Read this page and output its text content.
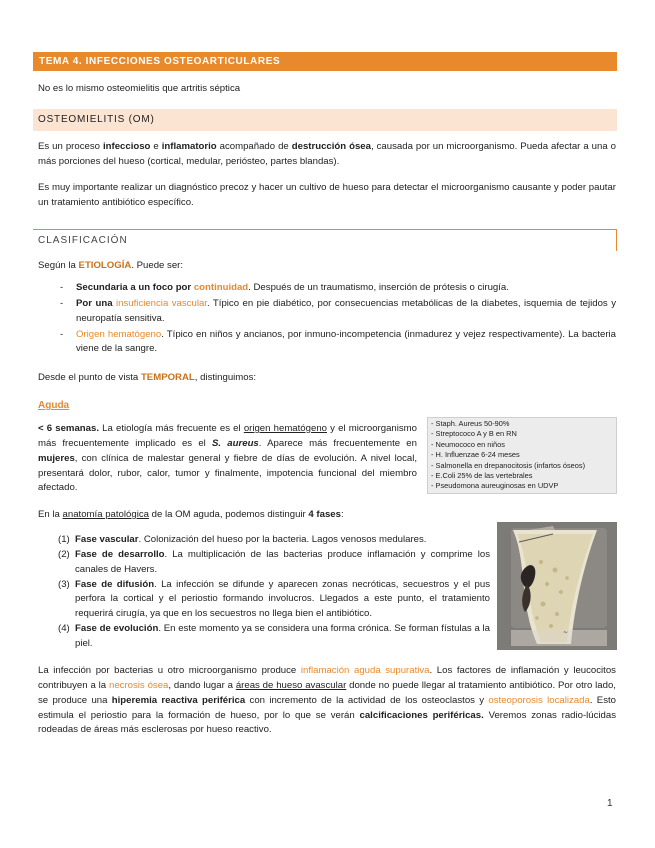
TEMA 4. INFECCIONES OSTEOARTICULARES
No es lo mismo osteomielitis que artritis séptica
OSTEOMIELITIS (OM)
Es un proceso infeccioso e inflamatorio acompañado de destrucción ósea, causada por un microorganismo. Pueda afectar a una o más porciones del hueso (cortical, medular, periósteo, partes blandas).
Es muy importante realizar un diagnóstico precoz y hacer un cultivo de hueso para detectar el microorganismo causante y poder pautar un tratamiento antibiótico específico.
CLASIFICACIÓN
Según la ETIOLOGÍA. Puede ser:
- Secundaria a un foco por continuidad. Después de un traumatismo, inserción de prótesis o cirugía.
- Por una insuficiencia vascular. Típico en pie diabético, por consecuencias metabólicas de la diabetes, isquemia de tejidos y neuropatía sensitiva.
- Origen hematógeno. Típico en niños y ancianos, por inmuno-incompetencia (inmadurez y vejez respectivamente). La bacteria viene de la sangre.
Desde el punto de vista TEMPORAL, distinguimos:
Aguda
< 6 semanas. La etiología más frecuente es el origen hematógeno y el microorganismo más frecuentemente implicado es el S. aureus. Aparece más frecuentemente en mujeres, con clínica de malestar general y fiebre de días de evolución. A nivel local, presentará dolor, rubor, calor, tumor y finalmente, impotencia funcional del miembro afectado.
- Staph. Aureus 50-90%
- Streptococo A y B en RN
- Neumococo en niños
- H. Influenzae 6-24 meses
- Salmonella en drepanocitosis (infartos óseos)
- E.Coli 25% de las vertebrales
- Pseudomona aureuginosas en UDVP
En la anatomía patológica de la OM aguda, podemos distinguir 4 fases:
(1) Fase vascular. Colonización del hueso por la bacteria. Lagos venosos medulares.
(2) Fase de desarrollo. La multiplicación de las bacterias produce inflamación y comprime los canales de Havers.
(3) Fase de difusión. La infección se difunde y aparecen zonas necróticas, secuestros y el pus perfora la cortical y el periostio formando involucros. Llegados a este punto, el tratamiento requerirá cirugía, ya que en los secuestros no llega bien el antibiótico.
(4) Fase de evolución. En este momento ya se considera una forma crónica. Se forman fístulas a la piel.
~
La infección por bacterias u otro microorganismo produce inflamación aguda supurativa. Los factores de inflamación y leucocitos contribuyen a la necrosis ósea, dando lugar a áreas de hueso avascular donde no puede llegar al tratamiento antibiótico. Por otro lado, se produce una hiperemia reactiva periférica con incremento de la actividad de los osteoclastos y osteoporosis localizada. Esto estimula el periostio para la formación de hueso, por lo que se verán calcificaciones periféricas. Veremos zonas radio-lúcidas rodeadas de áreas más esclerosas por hueso reactivo.
1
